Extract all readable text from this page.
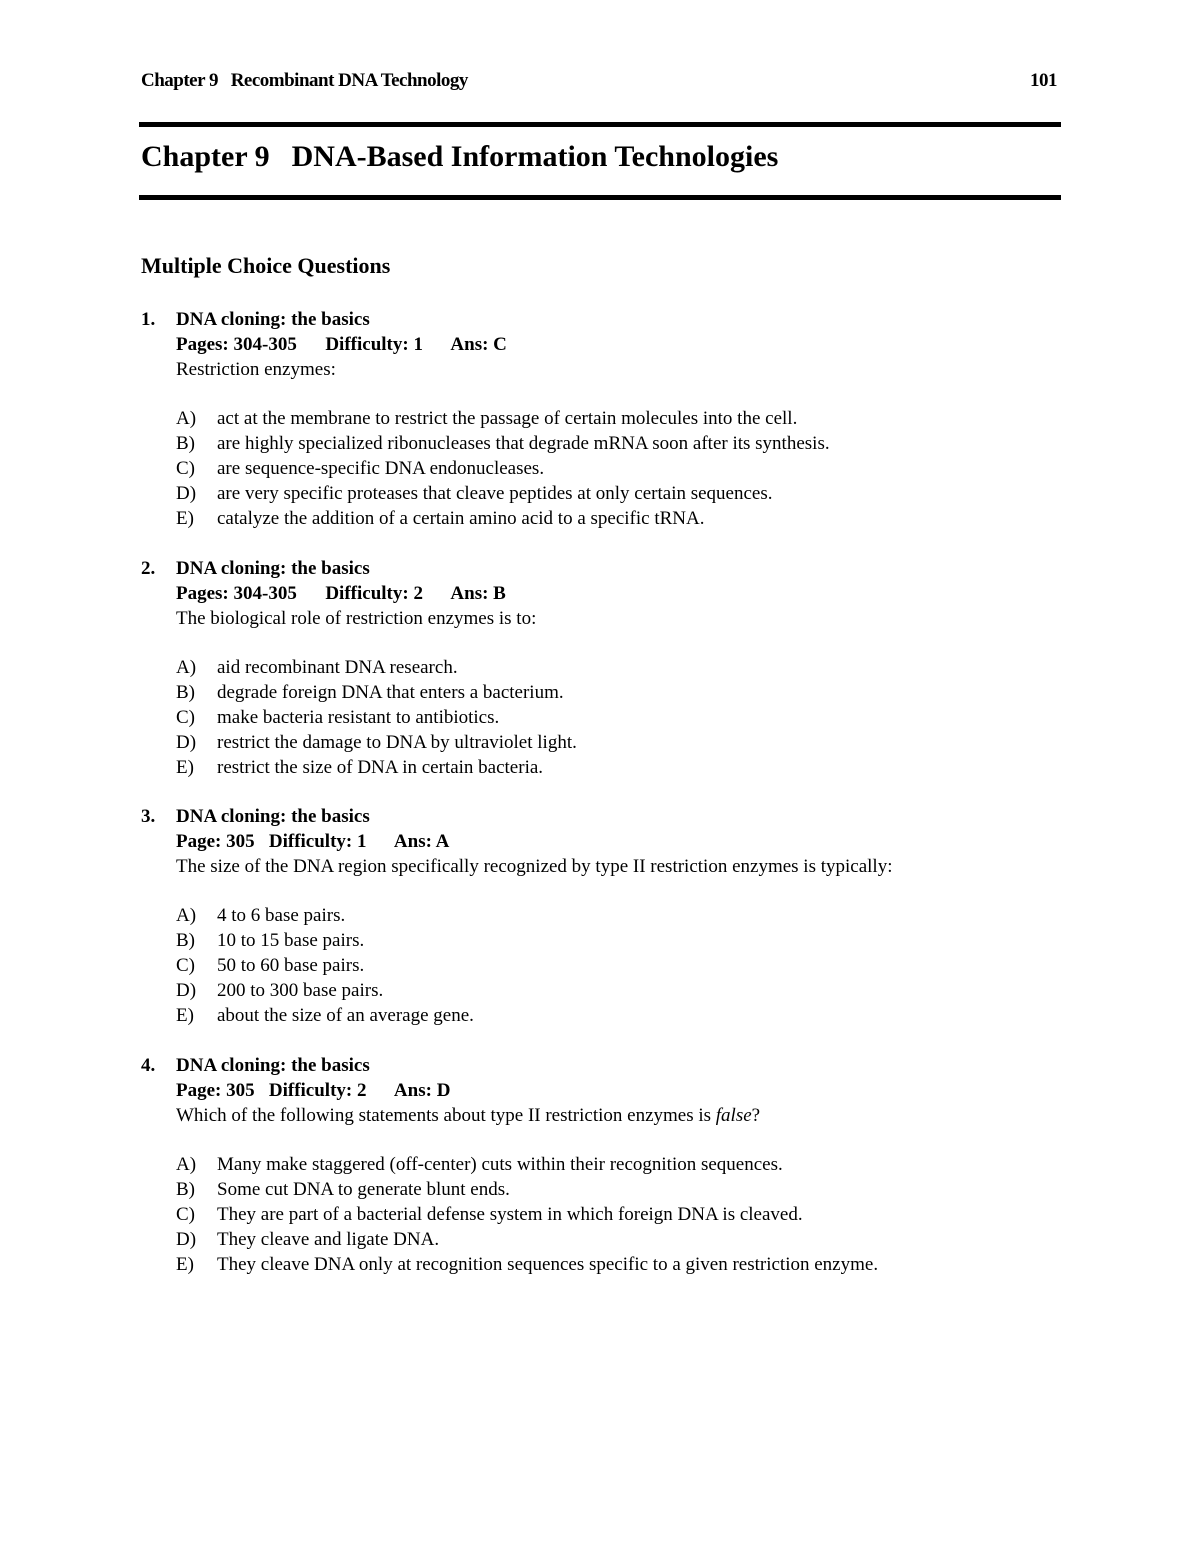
Chapter 9   Recombinant DNA Technology	101
Chapter 9 DNA-Based Information Technologies
Multiple Choice Questions
1. DNA cloning: the basics
Pages: 304-305      Difficulty: 1      Ans: C
Restriction enzymes:
A) act at the membrane to restrict the passage of certain molecules into the cell.
B) are highly specialized ribonucleases that degrade mRNA soon after its synthesis.
C) are sequence-specific DNA endonucleases.
D) are very specific proteases that cleave peptides at only certain sequences.
E) catalyze the addition of a certain amino acid to a specific tRNA.
2. DNA cloning: the basics
Pages: 304-305      Difficulty: 2      Ans: B
The biological role of restriction enzymes is to:
A) aid recombinant DNA research.
B) degrade foreign DNA that enters a bacterium.
C) make bacteria resistant to antibiotics.
D) restrict the damage to DNA by ultraviolet light.
E) restrict the size of DNA in certain bacteria.
3. DNA cloning: the basics
Page: 305   Difficulty: 1      Ans: A
The size of the DNA region specifically recognized by type II restriction enzymes is typically:
A) 4 to 6 base pairs.
B) 10 to 15 base pairs.
C) 50 to 60 base pairs.
D) 200 to 300 base pairs.
E) about the size of an average gene.
4. DNA cloning: the basics
Page: 305   Difficulty: 2      Ans: D
Which of the following statements about type II restriction enzymes is false?
A) Many make staggered (off-center) cuts within their recognition sequences.
B) Some cut DNA to generate blunt ends.
C) They are part of a bacterial defense system in which foreign DNA is cleaved.
D) They cleave and ligate DNA.
E) They cleave DNA only at recognition sequences specific to a given restriction enzyme.
